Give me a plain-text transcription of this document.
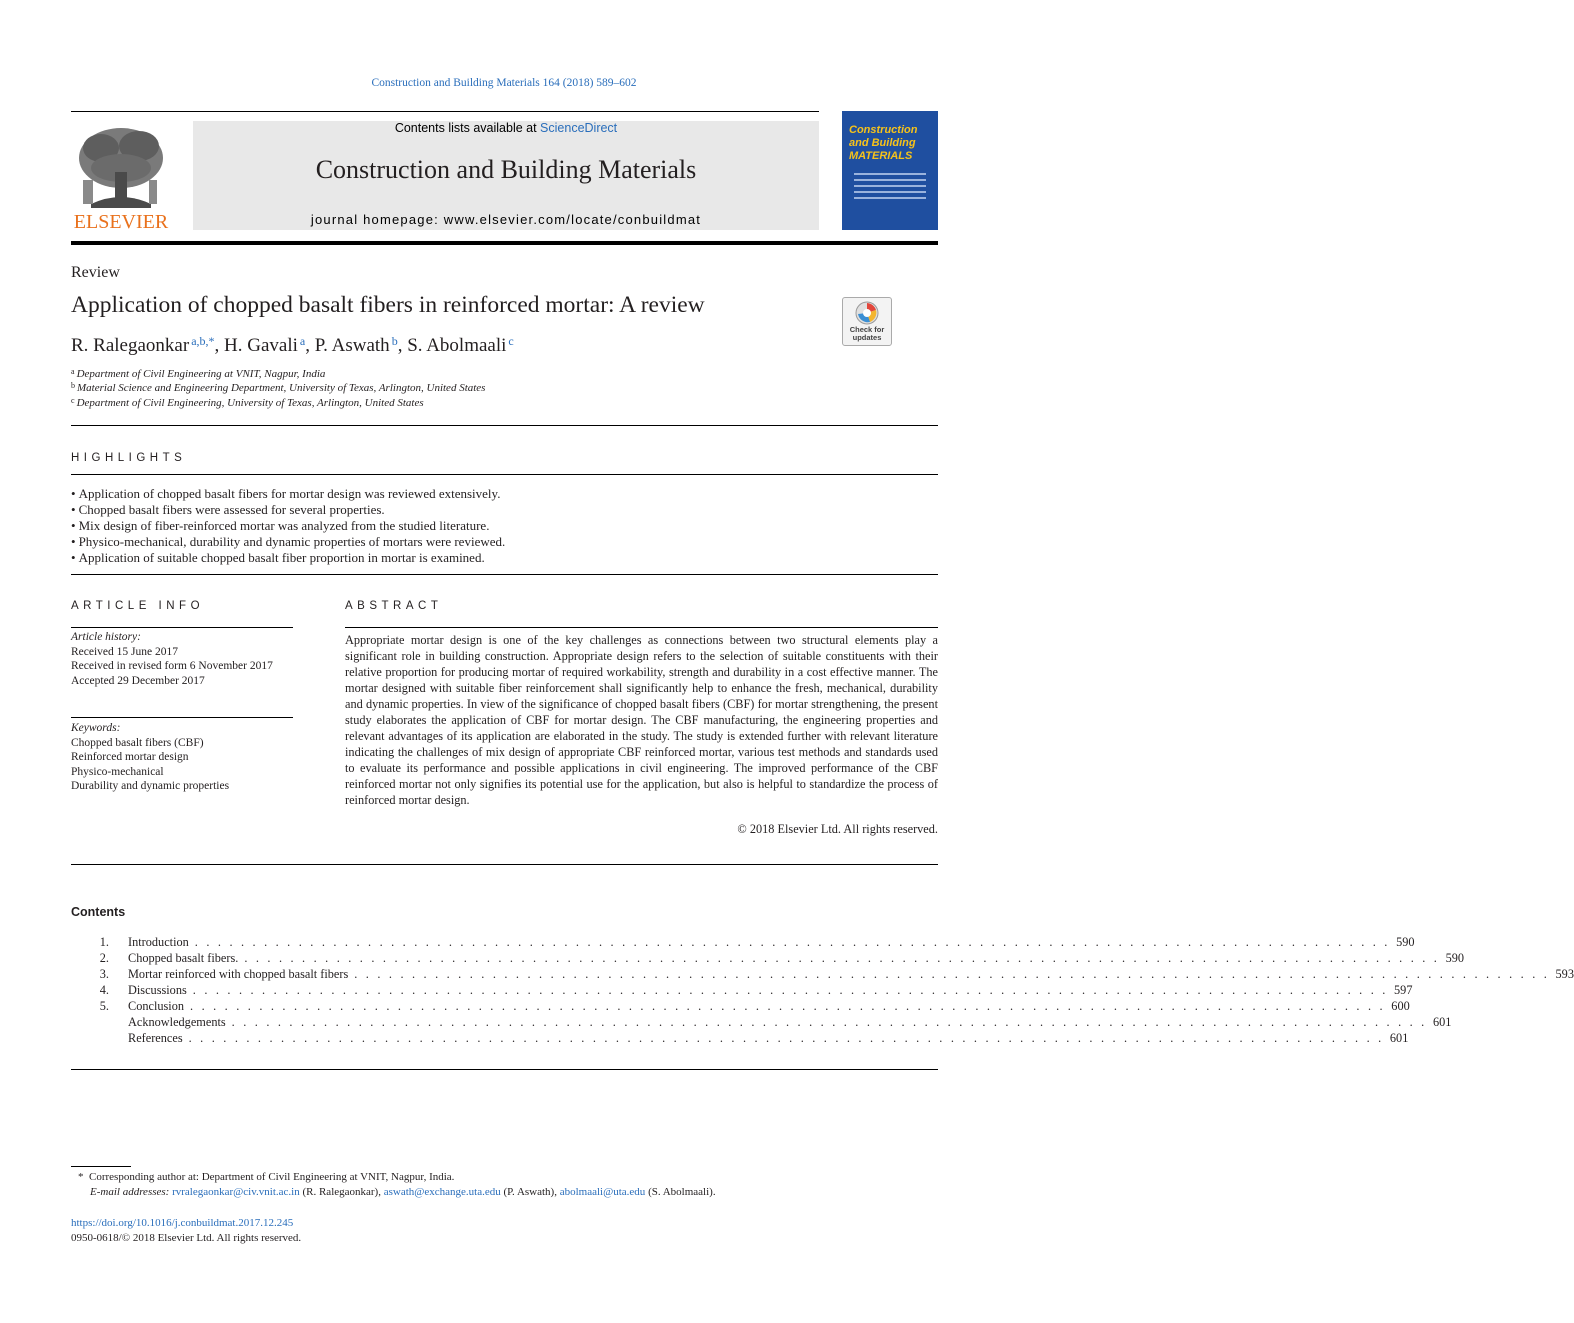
Construction and Building Materials 164 (2018) 589–602
ELSEVIER
Contents lists available at ScienceDirect
Construction and Building Materials
journal homepage: www.elsevier.com/locate/conbuildmat
Construction and Building MATERIALS
Review
Application of chopped basalt fibers in reinforced mortar: A review
Check for updates
R. Ralegaonkar $^{a,b,*}$, H. Gavali $^a$, P. Aswath $^b$, S. Abolmaali $^c$
$^a$ Department of Civil Engineering at VNIT, Nagpur, India
$^b$ Material Science and Engineering Department, University of Texas, Arlington, United States
$^c$ Department of Civil Engineering, University of Texas, Arlington, United States
HIGHLIGHTS
• Application of chopped basalt fibers for mortar design was reviewed extensively.
• Chopped basalt fibers were assessed for several properties.
• Mix design of fiber-reinforced mortar was analyzed from the studied literature.
• Physico-mechanical, durability and dynamic properties of mortars were reviewed.
• Application of suitable chopped basalt fiber proportion in mortar is examined.
ARTICLE INFO
Article history:
Received 15 June 2017
Received in revised form 6 November 2017
Accepted 29 December 2017
Keywords:
Chopped basalt fibers (CBF)
Reinforced mortar design
Physico-mechanical
Durability and dynamic properties
ABSTRACT
Appropriate mortar design is one of the key challenges as connections between two structural elements play a significant role in building construction. Appropriate design refers to the selection of suitable constituents with their relative proportion for producing mortar of required workability, strength and durability in a cost effective manner. The mortar designed with suitable fiber reinforcement shall significantly help to enhance the fresh, mechanical, durability and dynamic properties. In view of the significance of chopped basalt fibers (CBF) for mortar strengthening, the present study elaborates the application of CBF for mortar design. The CBF manufacturing, the engineering properties and relevant advantages of its application are elaborated in the study. The study is extended further with relevant literature indicating the challenges of mix design of appropriate CBF reinforced mortar, various test methods and standards used to evaluate its performance and possible applications in civil engineering. The improved performance of the CBF reinforced mortar not only signifies its potential use for the application, but also is helpful to standardize the process of reinforced mortar design.
© 2018 Elsevier Ltd. All rights reserved.
Contents
1. Introduction . . . . . . . . . . . . . . . . . . . . . . . . . . . . . . . . . . . . . . . . . . . . . . . . . . . . . . . . . . . . . . . . . . . . . . . . . . . . . . . . . . . . . . . . . . . . . . . . . . . . . . . . 590
2. Chopped basalt fibers. . . . . . . . . . . . . . . . . . . . . . . . . . . . . . . . . . . . . . . . . . . . . . . . . . . . . . . . . . . . . . . . . . . . . . . . . . . . . . . . . . . . . . . . . . . . . . . . . . . . . . . . . 590
3. Mortar reinforced with chopped basalt fibers . . . . . . . . . . . . . . . . . . . . . . . . . . . . . . . . . . . . . . . . . . . . . . . . . . . . . . . . . . . . . . . . . . . . . . . . . . . . . . . . . . . . . . . . . . . . . . . . . . . . . . . . 593
4. Discussions . . . . . . . . . . . . . . . . . . . . . . . . . . . . . . . . . . . . . . . . . . . . . . . . . . . . . . . . . . . . . . . . . . . . . . . . . . . . . . . . . . . . . . . . . . . . . . . . . . . . . . . . 597
5. Conclusion . . . . . . . . . . . . . . . . . . . . . . . . . . . . . . . . . . . . . . . . . . . . . . . . . . . . . . . . . . . . . . . . . . . . . . . . . . . . . . . . . . . . . . . . . . . . . . . . . . . . . . . . 600
Acknowledgements . . . . . . . . . . . . . . . . . . . . . . . . . . . . . . . . . . . . . . . . . . . . . . . . . . . . . . . . . . . . . . . . . . . . . . . . . . . . . . . . . . . . . . . . . . . . . . . . . . . . . . . . 601
References . . . . . . . . . . . . . . . . . . . . . . . . . . . . . . . . . . . . . . . . . . . . . . . . . . . . . . . . . . . . . . . . . . . . . . . . . . . . . . . . . . . . . . . . . . . . . . . . . . . . . . . . 601
* Corresponding author at: Department of Civil Engineering at VNIT, Nagpur, India.
E-mail addresses: rvralegaonkar@civ.vnit.ac.in (R. Ralegaonkar), aswath@exchange.uta.edu (P. Aswath), abolmaali@uta.edu (S. Abolmaali).
https://doi.org/10.1016/j.conbuildmat.2017.12.245
0950-0618/© 2018 Elsevier Ltd. All rights reserved.
